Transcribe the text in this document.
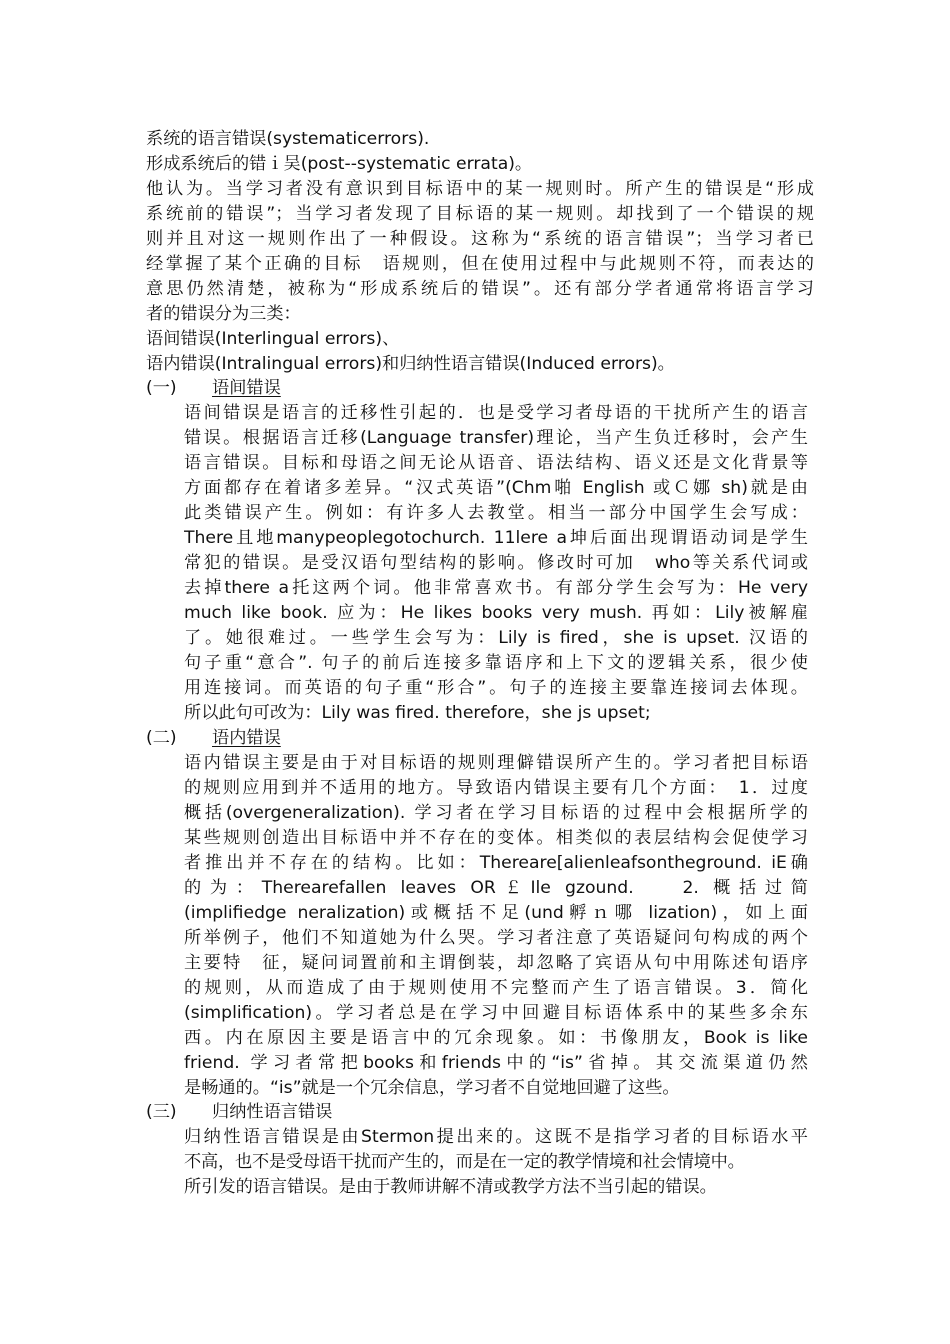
系统的语言错误(systematicerrors).
形成系统后的错ｉ吴(post--systematic errata)。
他认为。当学习者没有意识到目标语中的某一规则时。所产生的错误是“形成
系统前的错误”；当学习者发现了目标语的某一规则。却找到了一个错误的规
则并且对这一规则作出了一种假设。这称为“系统的语言错误”；当学习者已
经掌握了某个正确的目标　语规则，但在使用过程中与此规则不符，而表达的
意思仍然清楚，被称为“形成系统后的错误”。还有部分学者通常将语言学习
者的错误分为三类：
语间错误(Interlingual errors)、
语内错误(Intralingual errors)和归纳性语言错误(Induced errors)。
(一) 语间错误
语间错误是语言的迁移性引起的．也是受学习者母语的干扰所产生的语言
错误。根据语言迁移(Language transfer)理论，当产生负迁移时，会产生
语言错误。目标和母语之间无论从语音、语法结构、语义还是文化背景等
方面都存在着诸多差异。“汉式英语”(Chm啪 English 或Ｃ娜 sh)就是由
此类错误产生。例如：有许多人去教堂。相当一部分中国学生会写成：
There且地manypeoplegotochurch. 11lere a坤后面出现谓语动词是学生
常犯的错误。是受汉语句型结构的影响。修改时可加　who等关系代词或
去掉there a托这两个词。他非常喜欢书。有部分学生会写为：He very
much like book. 应为：He likes books very mush. 再如：Lily被解雇
了。她很难过。一些学生会写为：Lily is fired，she is upset. 汉语的
句子重“意合”. 句子的前后连接多靠语序和上下文的逻辑关系，很少使
用连接词。而英语的句子重“形合”。句子的连接主要靠连接词去体现。
所以此句可改为：Lily was fired. therefore，she js upset;
(二) 语内错误
语内错误主要是由于对目标语的规则理僻错误所产生的。学习者把目标语
的规则应用到并不适用的地方。导致语内错误主要有几个方面：　1．过度
概括(overgeneralization). 学习者在学习目标语的过程中会根据所学的
某些规则创造出目标语中并不存在的变体。相类似的表层结构会促使学习
者推出并不存在的结构。比如：Thereare[alienleafsontheground. iE确
的为：Therearefallen leaves OR￡Ile gzound.　 2. 概括过简
(impliﬁedge neralization)或概括不足(und孵ｎ哪 lization)，如上面
所举例子，他们不知道她为什么哭。学习者注意了英语疑问句构成的两个
主要特　征，疑问词置前和主谓倒装，却忽略了宾语从句中用陈述旬语序
的规则，从而造成了由于规则使用不完整而产生了语言错误。3．简化
(simplification)。学习者总是在学习中回避目标语体系中的某些多余东
西。内在原因主要是语言中的冗余现象。如：书像朋友，Book is like
friend. 学习者常把books和friends中的“is”省掉。其交流渠道仍然
是畅通的。“is”就是一个冗余信息，学习者不自觉地回避了这些。
(三) 归纳性语言错误
归纳性语言错误是由Stermon提出来的。这既不是指学习者的目标语水平
不高，也不是受母语干扰而产生的，而是在一定的教学情境和社会情境中。
所引发的语言错误。是由于教师讲解不清或教学方法不当引起的错误。
